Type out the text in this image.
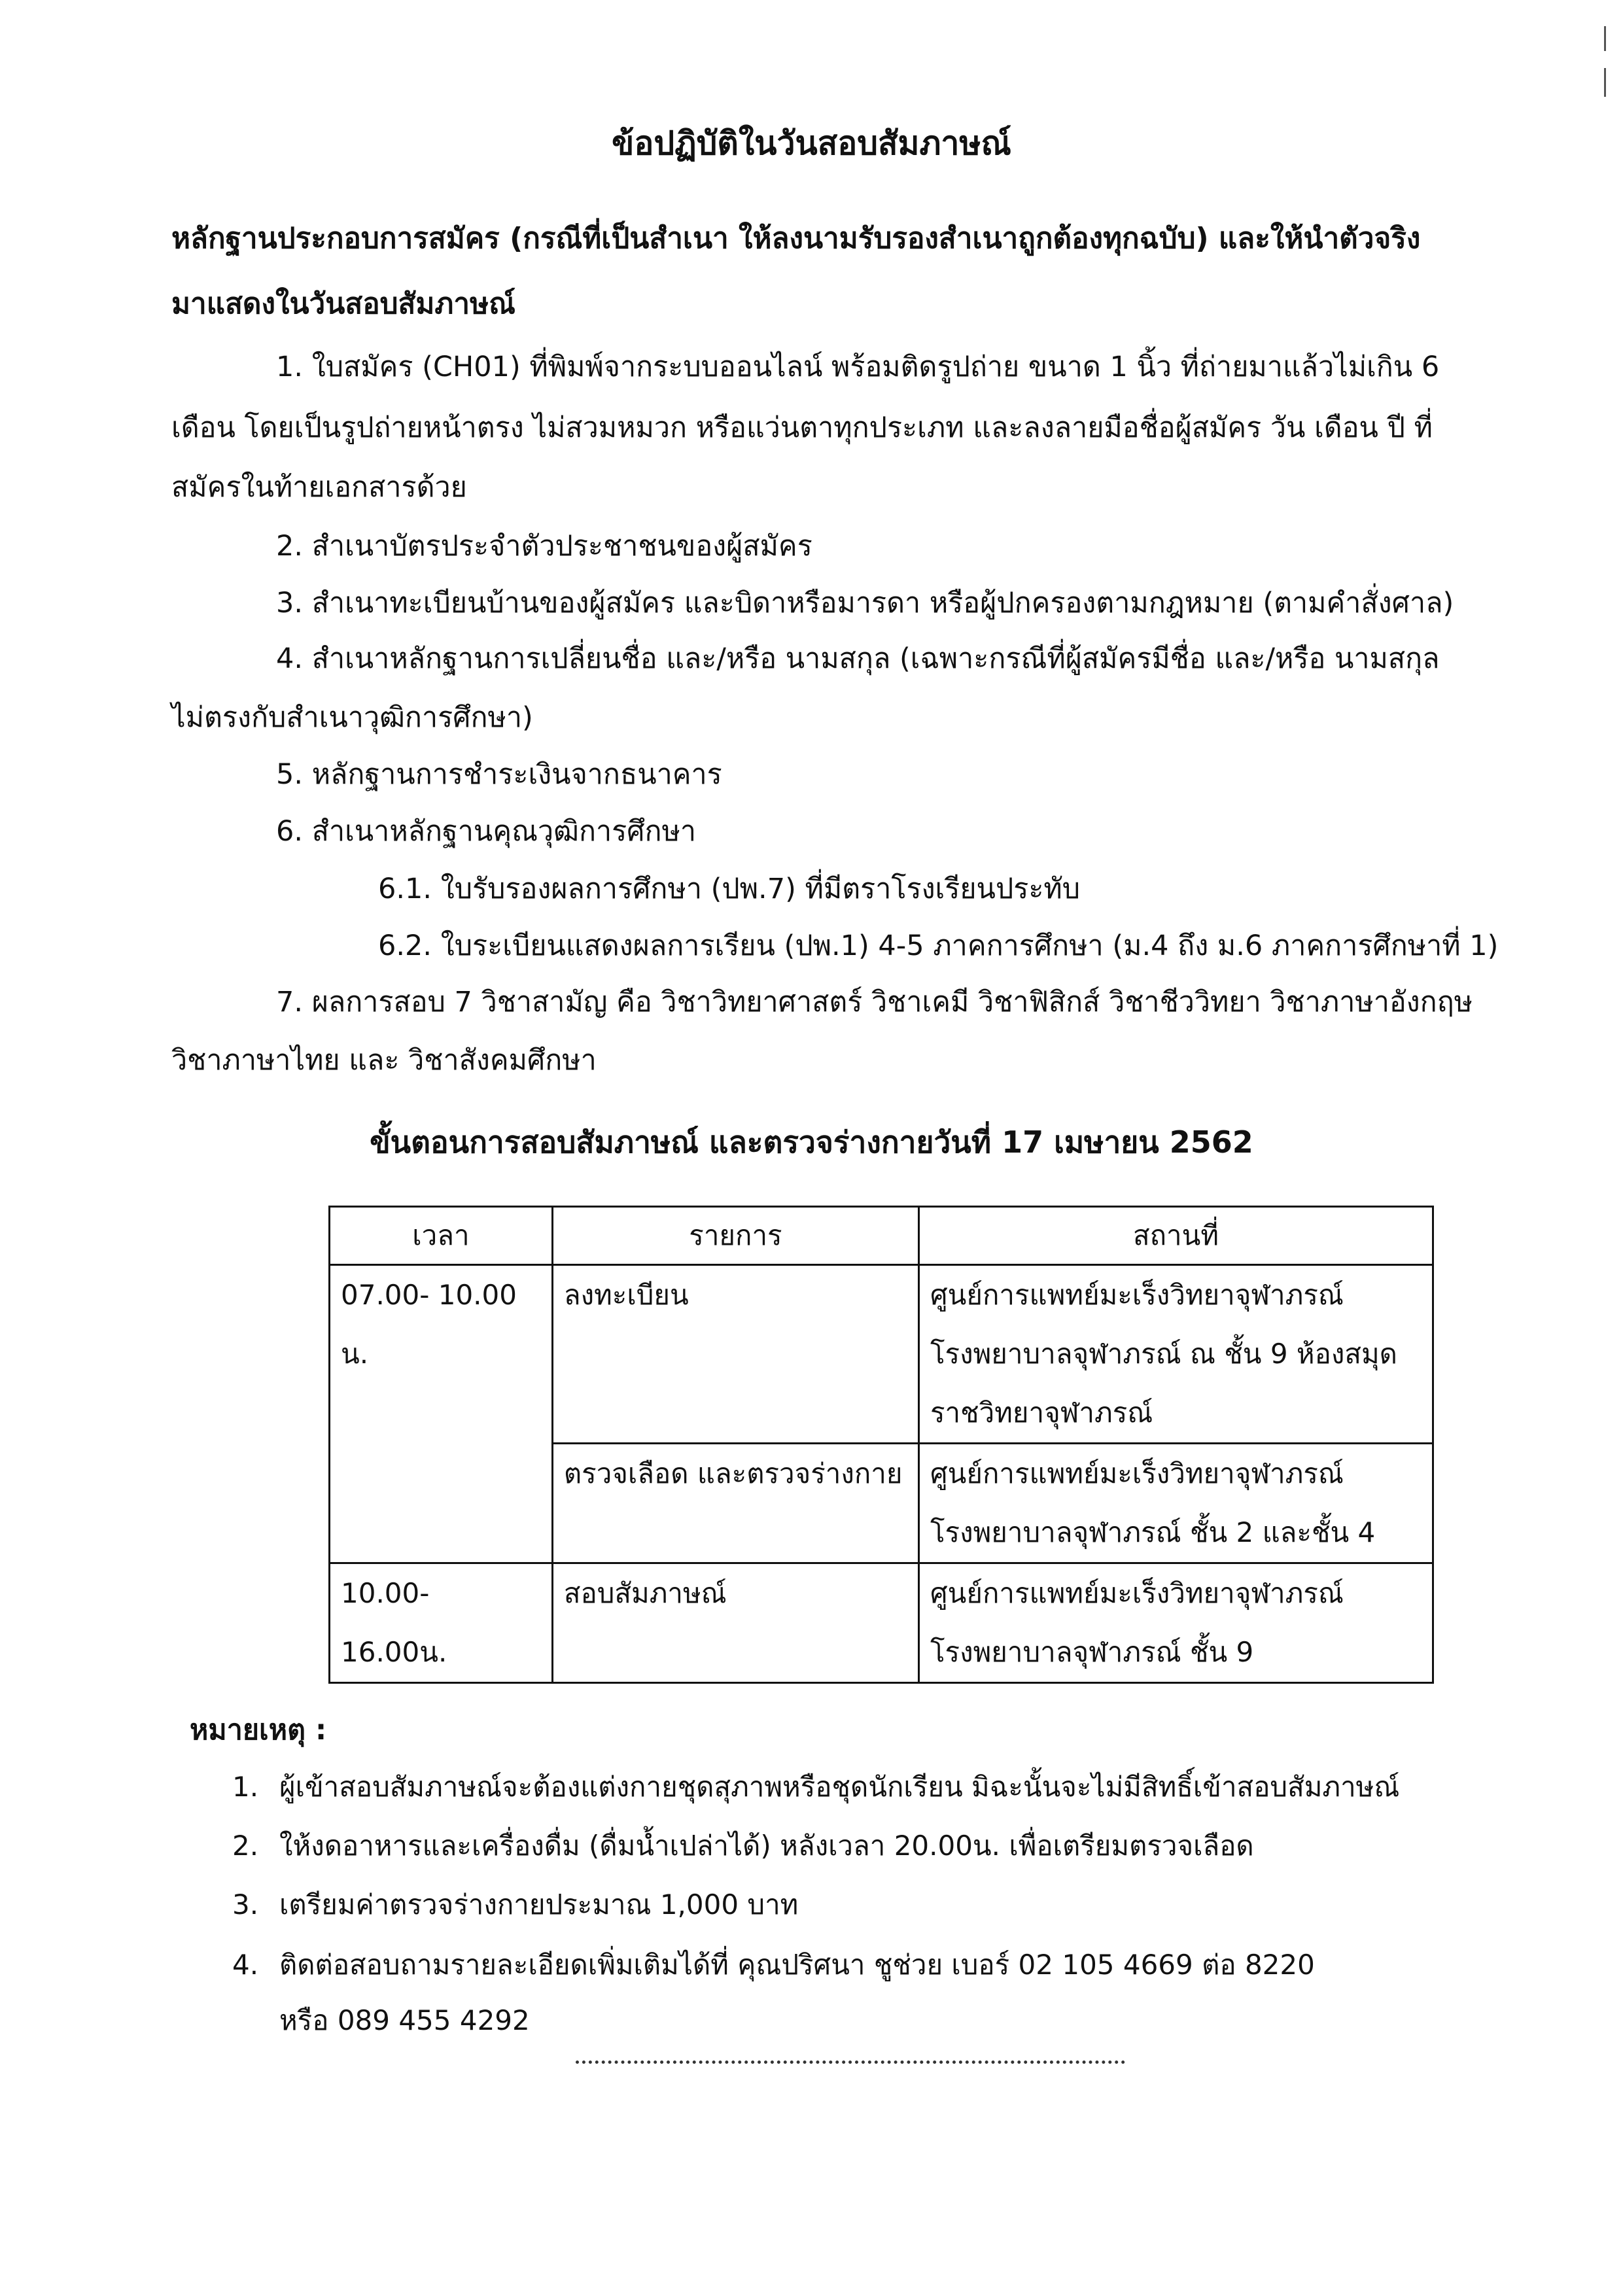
ข้อปฏิบัติในวันสอบสัมภาษณ์
หลักฐานประกอบการสมัคร (กรณีที่เป็นสำเนา ให้ลงนามรับรองสำเนาถูกต้องทุกฉบับ) และให้นำตัวจริง มาแสดงในวันสอบสัมภาษณ์
1. ใบสมัคร (CH01) ที่พิมพ์จากระบบออนไลน์ พร้อมติดรูปถ่าย ขนาด 1 นิ้ว ที่ถ่ายมาแล้วไม่เกิน 6
เดือน โดยเป็นรูปถ่ายหน้าตรง ไม่สวมหมวก หรือแว่นตาทุกประเภท และลงลายมือชื่อผู้สมัคร วัน เดือน ปี ที่
สมัครในท้ายเอกสารด้วย
2. สำเนาบัตรประจำตัวประชาชนของผู้สมัคร
3. สำเนาทะเบียนบ้านของผู้สมัคร และบิดาหรือมารดา หรือผู้ปกครองตามกฎหมาย (ตามคำสั่งศาล)
4. สำเนาหลักฐานการเปลี่ยนชื่อ และ/หรือ นามสกุล (เฉพาะกรณีที่ผู้สมัครมีชื่อ และ/หรือ นามสกุล
ไม่ตรงกับสำเนาวุฒิการศึกษา)
5. หลักฐานการชำระเงินจากธนาคาร
6. สำเนาหลักฐานคุณวุฒิการศึกษา
6.1. ใบรับรองผลการศึกษา (ปพ.7) ที่มีตราโรงเรียนประทับ
6.2. ใบระเบียนแสดงผลการเรียน (ปพ.1) 4-5 ภาคการศึกษา (ม.4 ถึง ม.6 ภาคการศึกษาที่ 1)
7. ผลการสอบ 7 วิชาสามัญ คือ วิชาวิทยาศาสตร์ วิชาเคมี วิชาฟิสิกส์ วิชาชีววิทยา วิชาภาษาอังกฤษ
วิชาภาษาไทย และ วิชาสังคมศึกษา
ขั้นตอนการสอบสัมภาษณ์ และตรวจร่างกายวันที่ 17 เมษายน 2562
เวลา	รายการ	สถานที่
07.00- 10.00 น.	ลงทะเบียน	ศูนย์การแพทย์มะเร็งวิทยาจุฬาภรณ์
โรงพยาบาลจุฬาภรณ์ ณ ชั้น 9 ห้องสมุด
ราชวิทยาจุฬาภรณ์

	ตรวจเลือด และตรวจร่างกาย	ศูนย์การแพทย์มะเร็งวิทยาจุฬาภรณ์
โรงพยาบาลจุฬาภรณ์ ชั้น 2 และชั้น 4

10.00- 16.00น.	สอบสัมภาษณ์	ศูนย์การแพทย์มะเร็งวิทยาจุฬาภรณ์
โรงพยาบาลจุฬาภรณ์ ชั้น 9
หมายเหตุ :
1. ผู้เข้าสอบสัมภาษณ์จะต้องแต่งกายชุดสุภาพหรือชุดนักเรียน มิฉะนั้นจะไม่มีสิทธิ์เข้าสอบสัมภาษณ์
2. ให้งดอาหารและเครื่องดื่ม (ดื่มน้ำเปล่าได้) หลังเวลา 20.00น. เพื่อเตรียมตรวจเลือด
3. เตรียมค่าตรวจร่างกายประมาณ 1,000 บาท
4. ติดต่อสอบถามรายละเอียดเพิ่มเติมได้ที่ คุณปริศนา ชูช่วย เบอร์ 02 105 4669 ต่อ 8220
หรือ 089 455 4292
